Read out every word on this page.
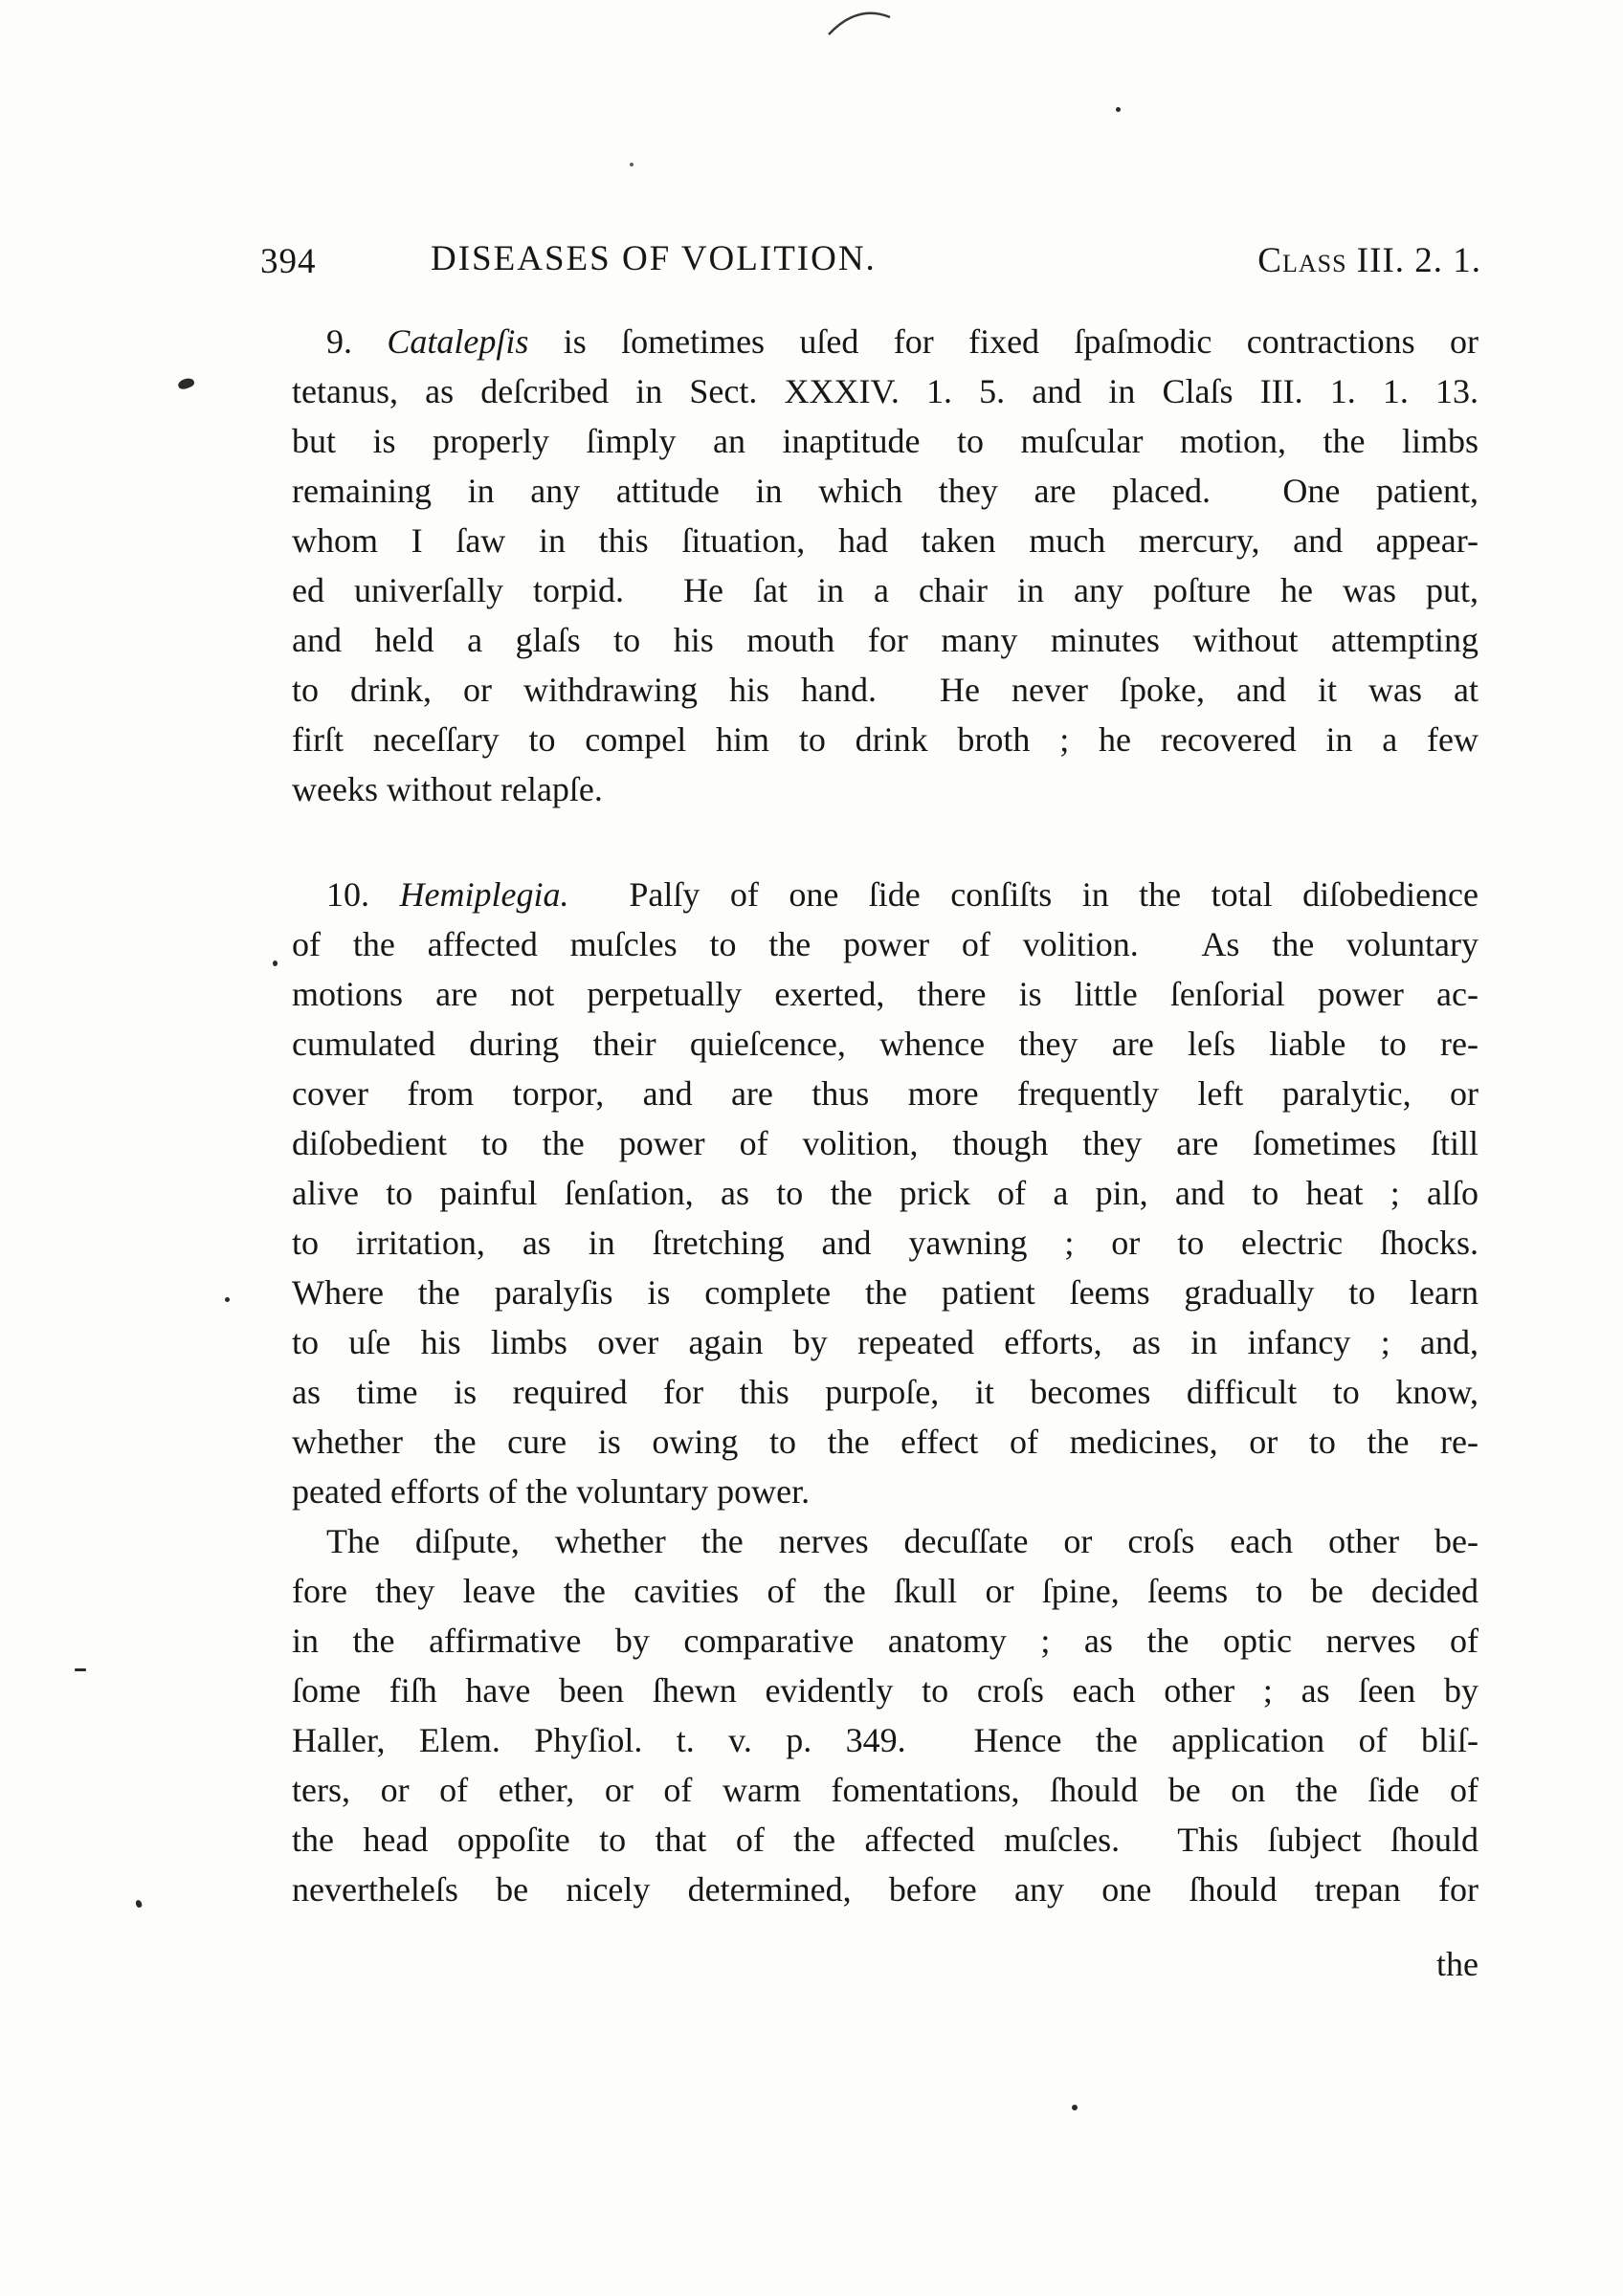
394	DISEASES OF VOLITION.	Class III. 2. 1.
9. Catalepſis is ſometimes uſed for fixed ſpaſmodic contractions or
tetanus, as deſcribed in Sect. XXXIV. 1. 5. and in Claſs III. 1. 1. 13.
but is properly ſimply an inaptitude to muſcular motion, the limbs
remaining in any attitude in which they are placed.  One patient,
whom I ſaw in this ſituation, had taken much mercury, and appear-
ed univerſally torpid.  He ſat in a chair in any poſture he was put,
and held a glaſs to his mouth for many minutes without attempting
to drink, or withdrawing his hand.  He never ſpoke, and it was at
firſt neceſſary to compel him to drink broth ; he recovered in a few
weeks without relapſe.
10. Hemiplegia.  Palſy of one ſide conſiſts in the total diſobedience
of the affected muſcles to the power of volition.  As the voluntary
motions are not perpetually exerted, there is little ſenſorial power ac-
cumulated during their quieſcence, whence they are leſs liable to re-
cover from torpor, and are thus more frequently left paralytic, or
diſobedient to the power of volition, though they are ſometimes ſtill
alive to painful ſenſation, as to the prick of a pin, and to heat ; alſo
to irritation, as in ſtretching and yawning ; or to electric ſhocks.
Where the paralyſis is complete the patient ſeems gradually to learn
to uſe his limbs over again by repeated efforts, as in infancy ; and,
as time is required for this purpoſe, it becomes difficult to know,
whether the cure is owing to the effect of medicines, or to the re-
peated efforts of the voluntary power.
The diſpute, whether the nerves decuſſate or croſs each other be-
fore they leave the cavities of the ſkull or ſpine, ſeems to be decided
in the affirmative by comparative anatomy ; as the optic nerves of
ſome fiſh have been ſhewn evidently to croſs each other ; as ſeen by
Haller, Elem. Phyſiol. t. v. p. 349.  Hence the application of bliſ-
ters, or of ether, or of warm fomentations, ſhould be on the ſide of
the head oppoſite to that of the affected muſcles.  This ſubject ſhould
nevertheleſs be nicely determined, before any one ſhould trepan for
the
